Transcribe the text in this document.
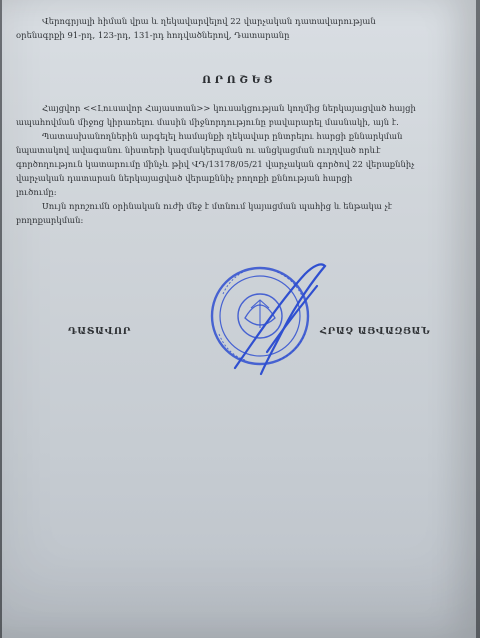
Վերոգրյալի հիման վրա և ղեկավարվելով 22 վարչական դատավարության
օրենսգրքի 91-րդ, 123-րդ, 131-րդ հոդվածներով, Դատարանը
ՈՐՈՇԵՑ
Հայցվոր <<Լուսավոր Հայաստան>> կուսակցության կողմից ներկայացված հայցի
ապահովման միջոց կիրառելու մասին միջնորդությունը բավարարել մասնակի, այն է.
Պատասխանողներին արգելել համայնքի ղեկավար ընտրելու հարցի քննարկման
նպատակով ավագանու նիստերի կազմակերպման ու անցկացման ուղղված որևէ
գործողություն կատարումը մինչև թիվ ՎԴ/13178/05/21 վարչական գործով 22 վերաքննիչ
վարչական դատարան ներկայացված վերաքննիչ բողոքի քննության հարցի
լուծումը:
Սույն որոշումն օրինական ուժի մեջ է մտնում կայացման պահից և ենթակա չէ
բողոքարկման:
ԴԱՏԱՎՈՐ	ՀՐԱՉ ԱՅՎԱԶՅԱՆ
